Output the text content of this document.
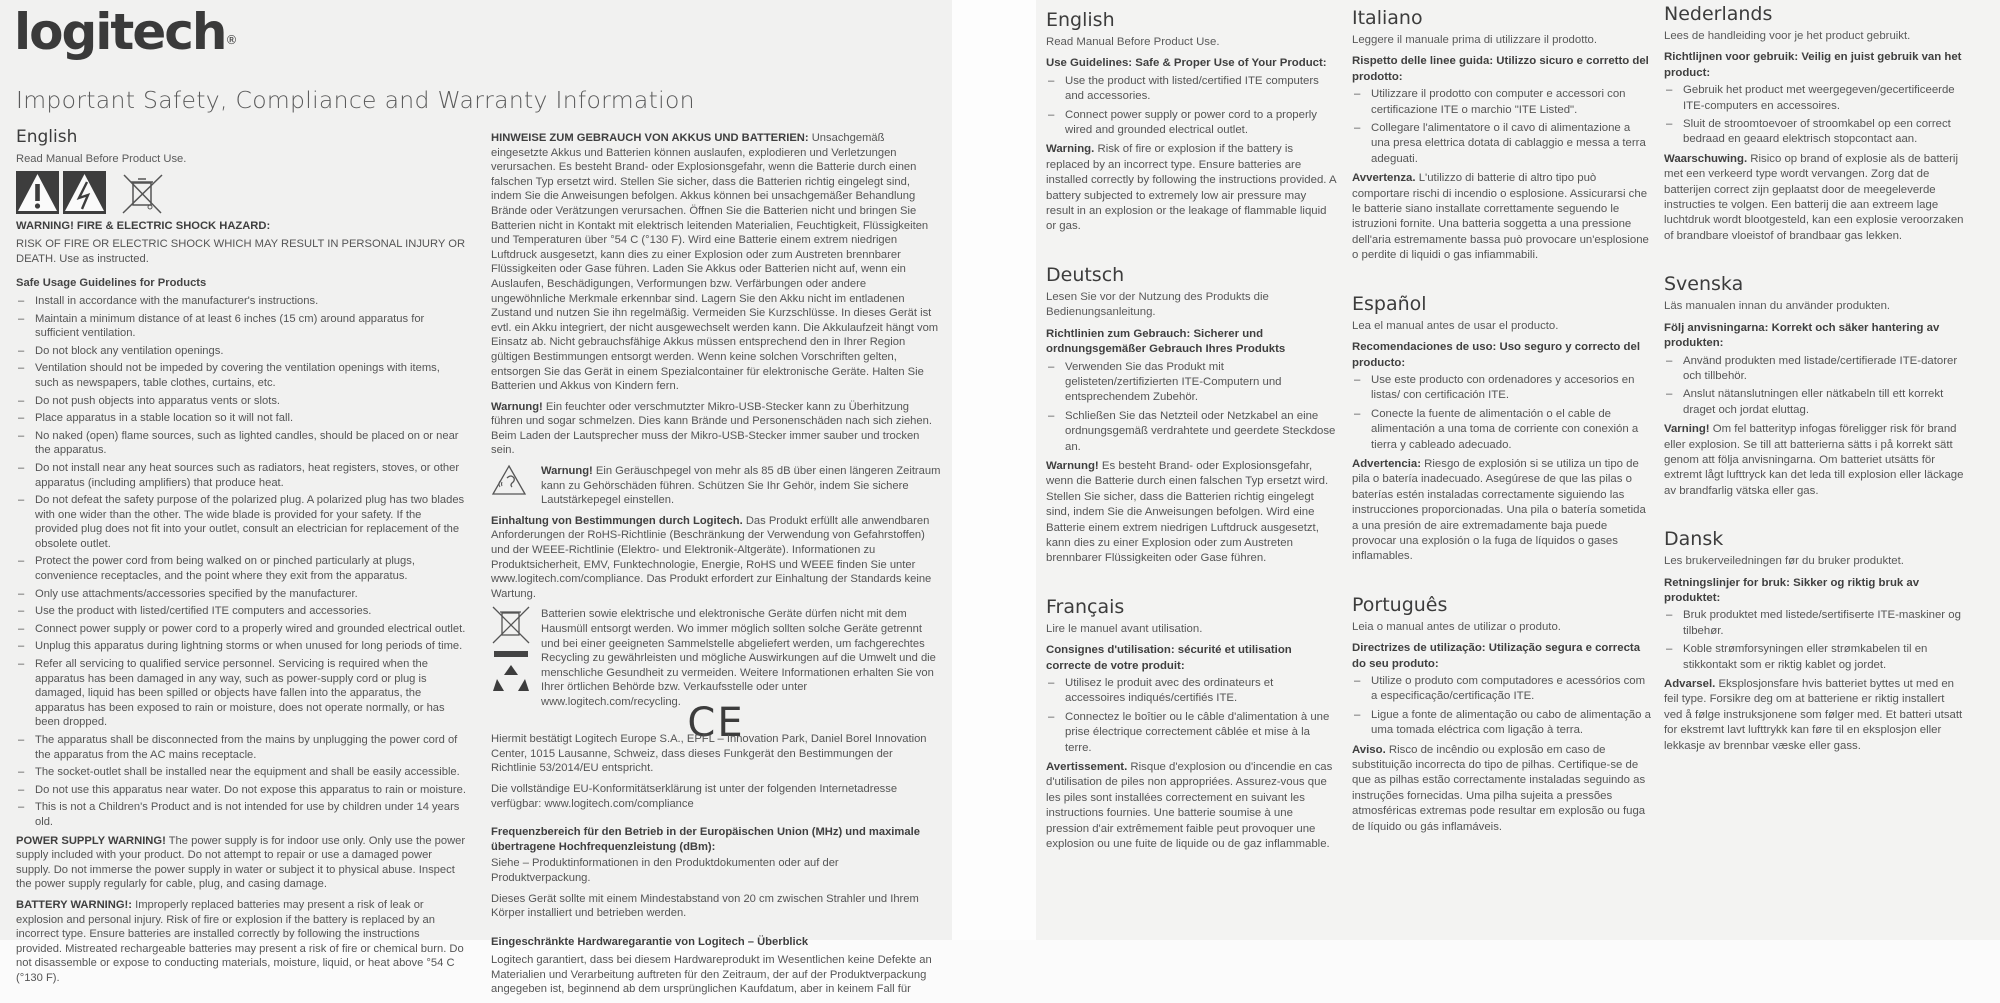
logitech®
Important Safety, Compliance and Warranty Information
English
Read Manual Before Product Use.
WARNING! FIRE & ELECTRIC SHOCK HAZARD:
RISK OF FIRE OR ELECTRIC SHOCK WHICH MAY RESULT IN PERSONAL INJURY OR DEATH. Use as instructed.
Safe Usage Guidelines for Products
– Install in accordance with the manufacturer's instructions.
– Maintain a minimum distance of at least 6 inches (15 cm) around apparatus for sufficient ventilation.
– Do not block any ventilation openings.
– Ventilation should not be impeded by covering the ventilation openings with items, such as newspapers, table clothes, curtains, etc.
– Do not push objects into apparatus vents or slots.
– Place apparatus in a stable location so it will not fall.
– No naked (open) flame sources, such as lighted candles, should be placed on or near the apparatus.
– Do not install near any heat sources such as radiators, heat registers, stoves, or other apparatus (including amplifiers) that produce heat.
– Do not defeat the safety purpose of the polarized plug. A polarized plug has two blades with one wider than the other. The wide blade is provided for your safety. If the provided plug does not fit into your outlet, consult an electrician for replacement of the obsolete outlet.
– Protect the power cord from being walked on or pinched particularly at plugs, convenience receptacles, and the point where they exit from the apparatus.
– Only use attachments/accessories specified by the manufacturer.
– Use the product with listed/certified ITE computers and accessories.
– Connect power supply or power cord to a properly wired and grounded electrical outlet.
– Unplug this apparatus during lightning storms or when unused for long periods of time.
– Refer all servicing to qualified service personnel. Servicing is required when the apparatus has been damaged in any way, such as power-supply cord or plug is damaged, liquid has been spilled or objects have fallen into the apparatus, the apparatus has been exposed to rain or moisture, does not operate normally, or has been dropped.
– The apparatus shall be disconnected from the mains by unplugging the power cord of the apparatus from the AC mains receptacle.
– The socket-outlet shall be installed near the equipment and shall be easily accessible.
– Do not use this apparatus near water. Do not expose this apparatus to rain or moisture.
– This is not a Children's Product and is not intended for use by children under 14 years old.
POWER SUPPLY WARNING! The power supply is for indoor use only. Only use the power supply included with your product. Do not attempt to repair or use a damaged power supply. Do not immerse the power supply in water or subject it to physical abuse. Inspect the power supply regularly for cable, plug, and casing damage.
BATTERY WARNING!: Improperly replaced batteries may present a risk of leak or explosion and personal injury. Risk of fire or explosion if the battery is replaced by an incorrect type. Ensure batteries are installed correctly by following the instructions provided. Mistreated rechargeable batteries may present a risk of fire or chemical burn. Do not disassemble or expose to conducting materials, moisture, liquid, or heat above °54 C (°130 F).
HINWEISE ZUM GEBRAUCH VON AKKUS UND BATTERIEN: Unsachgemäß eingesetzte Akkus und Batterien können auslaufen, explodieren und Verletzungen verursachen. Es besteht Brand- oder Explosionsgefahr, wenn die Batterie durch einen falschen Typ ersetzt wird. Stellen Sie sicher, dass die Batterien richtig eingelegt sind, indem Sie die Anweisungen befolgen. Akkus können bei unsachgemäßer Behandlung Brände oder Verätzungen verursachen. Öffnen Sie die Batterien nicht und bringen Sie Batterien nicht in Kontakt mit elektrisch leitenden Materialien, Feuchtigkeit, Flüssigkeiten und Temperaturen über °54 C (°130 F). Wird eine Batterie einem extrem niedrigen Luftdruck ausgesetzt, kann dies zu einer Explosion oder zum Austreten brennbarer Flüssigkeiten oder Gase führen. Laden Sie Akkus oder Batterien nicht auf, wenn ein Auslaufen, Beschädigungen, Verformungen bzw. Verfärbungen oder andere ungewöhnliche Merkmale erkennbar sind. Lagern Sie den Akku nicht im entladenen Zustand und nutzen Sie ihn regelmäßig. Vermeiden Sie Kurzschlüsse. In dieses Gerät ist evtl. ein Akku integriert, der nicht ausgewechselt werden kann. Die Akkulaufzeit hängt vom Einsatz ab. Nicht gebrauchsfähige Akkus müssen entsprechend den in Ihrer Region gültigen Bestimmungen entsorgt werden. Wenn keine solchen Vorschriften gelten, entsorgen Sie das Gerät in einem Spezialcontainer für elektronische Geräte. Halten Sie Batterien und Akkus von Kindern fern.
Warnung! Ein feuchter oder verschmutzter Mikro-USB-Stecker kann zu Überhitzung führen und sogar schmelzen. Dies kann Brände und Personenschäden nach sich ziehen. Beim Laden der Lautsprecher muss der Mikro-USB-Stecker immer sauber und trocken sein.
Warnung! Ein Geräuschpegel von mehr als 85 dB über einen längeren Zeitraum kann zu Gehörschäden führen. Schützen Sie Ihr Gehör, indem Sie sichere Lautstärkepegel einstellen.
Einhaltung von Bestimmungen durch Logitech. Das Produkt erfüllt alle anwendbaren Anforderungen der RoHS-Richtlinie (Beschränkung der Verwendung von Gefahrstoffen) und der WEEE-Richtlinie (Elektro- und Elektronik-Altgeräte). Informationen zu Produktsicherheit, EMV, Funktechnologie, Energie, RoHS und WEEE finden Sie unter www.logitech.com/compliance. Das Produkt erfordert zur Einhaltung der Standards keine Wartung.
Batterien sowie elektrische und elektronische Geräte dürfen nicht mit dem Hausmüll entsorgt werden. Wo immer möglich sollten solche Geräte getrennt und bei einer geeigneten Sammelstelle abgeliefert werden, um fachgerechtes Recycling zu gewährleisten und mögliche Auswirkungen auf die Umwelt und die menschliche Gesundheit zu vermeiden. Weitere Informationen erhalten Sie von Ihrer örtlichen Behörde bzw. Verkaufsstelle oder unter www.logitech.com/recycling. CE
Hiermit bestätigt Logitech Europe S.A., EPFL – Innovation Park, Daniel Borel Innovation Center, 1015 Lausanne, Schweiz, dass dieses Funkgerät den Bestimmungen der Richtlinie 53/2014/EU entspricht.
Die vollständige EU-Konformitätserklärung ist unter der folgenden Internetadresse verfügbar: www.logitech.com/compliance
Frequenzbereich für den Betrieb in der Europäischen Union (MHz) und maximale übertragene Hochfrequenzleistung (dBm):
Siehe – Produktinformationen in den Produktdokumenten oder auf der Produktverpackung.
Dieses Gerät sollte mit einem Mindestabstand von 20 cm zwischen Strahler und Ihrem Körper installiert und betrieben werden.
Eingeschränkte Hardwaregarantie von Logitech – Überblick
Logitech garantiert, dass bei diesem Hardwareprodukt im Wesentlichen keine Defekte an Materialien und Verarbeitung auftreten für den Zeitraum, der auf der Produktverpackung angegeben ist, beginnend ab dem ursprünglichen Kaufdatum, aber in keinem Fall für
English
Read Manual Before Product Use.
Use Guidelines: Safe & Proper Use of Your Product:
– Use the product with listed/certified ITE computers and accessories.
– Connect power supply or power cord to a properly wired and grounded electrical outlet.
Warning. Risk of fire or explosion if the battery is replaced by an incorrect type. Ensure batteries are installed correctly by following the instructions provided. A battery subjected to extremely low air pressure may result in an explosion or the leakage of flammable liquid or gas.
Deutsch
Lesen Sie vor der Nutzung des Produkts die Bedienungsanleitung.
Richtlinien zum Gebrauch: Sicherer und ordnungsgemäßer Gebrauch Ihres Produkts
– Verwenden Sie das Produkt mit gelisteten/zertifizierten ITE-Computern und entsprechendem Zubehör.
– Schließen Sie das Netzteil oder Netzkabel an eine ordnungsgemäß verdrahtete und geerdete Steckdose an.
Warnung! Es besteht Brand- oder Explosionsgefahr, wenn die Batterie durch einen falschen Typ ersetzt wird. Stellen Sie sicher, dass die Batterien richtig eingelegt sind, indem Sie die Anweisungen befolgen. Wird eine Batterie einem extrem niedrigen Luftdruck ausgesetzt, kann dies zu einer Explosion oder zum Austreten brennbarer Flüssigkeiten oder Gase führen.
Français
Lire le manuel avant utilisation.
Consignes d'utilisation: sécurité et utilisation correcte de votre produit:
– Utilisez le produit avec des ordinateurs et accessoires indiqués/certifiés ITE.
– Connectez le boîtier ou le câble d'alimentation à une prise électrique correctement câblée et mise à la terre.
Avertissement. Risque d'explosion ou d'incendie en cas d'utilisation de piles non appropriées. Assurez-vous que les piles sont installées correctement en suivant les instructions fournies. Une batterie soumise à une pression d'air extrêmement faible peut provoquer une explosion ou une fuite de liquide ou de gaz inflammable.
Italiano
Leggere il manuale prima di utilizzare il prodotto.
Rispetto delle linee guida: Utilizzo sicuro e corretto del prodotto:
– Utilizzare il prodotto con computer e accessori con certificazione ITE o marchio "ITE Listed".
– Collegare l'alimentatore o il cavo di alimentazione a una presa elettrica dotata di cablaggio e messa a terra adeguati.
Avvertenza. L'utilizzo di batterie di altro tipo può comportare rischi di incendio o esplosione. Assicurarsi che le batterie siano installate correttamente seguendo le istruzioni fornite. Una batteria soggetta a una pressione dell'aria estremamente bassa può provocare un'esplosione o perdite di liquidi o gas infiammabili.
Español
Lea el manual antes de usar el producto.
Recomendaciones de uso: Uso seguro y correcto del producto:
– Use este producto con ordenadores y accesorios en listas/ con certificación ITE.
– Conecte la fuente de alimentación o el cable de alimentación a una toma de corriente con conexión a tierra y cableado adecuado.
Advertencia: Riesgo de explosión si se utiliza un tipo de pila o batería inadecuado. Asegúrese de que las pilas o baterías estén instaladas correctamente siguiendo las instrucciones proporcionadas. Una pila o batería sometida a una presión de aire extremadamente baja puede provocar una explosión o la fuga de líquidos o gases inflamables.
Português
Leia o manual antes de utilizar o produto.
Directrizes de utilização: Utilização segura e correcta do seu produto:
– Utilize o produto com computadores e acessórios com a especificação/certificação ITE.
– Ligue a fonte de alimentação ou cabo de alimentação a uma tomada eléctrica com ligação à terra.
Aviso. Risco de incêndio ou explosão em caso de substituição incorrecta do tipo de pilhas. Certifique-se de que as pilhas estão correctamente instaladas seguindo as instruções fornecidas. Uma pilha sujeita a pressões atmosféricas extremas pode resultar em explosão ou fuga de líquido ou gás inflamáveis.
Nederlands
Lees de handleiding voor je het product gebruikt.
Richtlijnen voor gebruik: Veilig en juist gebruik van het product:
– Gebruik het product met weergegeven/gecertificeerde ITE-computers en accessoires.
– Sluit de stroomtoevoer of stroomkabel op een correct bedraad en geaard elektrisch stopcontact aan.
Waarschuwing. Risico op brand of explosie als de batterij met een verkeerd type wordt vervangen. Zorg dat de batterijen correct zijn geplaatst door de meegeleverde instructies te volgen. Een batterij die aan extreem lage luchtdruk wordt blootgesteld, kan een explosie veroorzaken of brandbare vloeistof of brandbaar gas lekken.
Svenska
Läs manualen innan du använder produkten.
Följ anvisningarna: Korrekt och säker hantering av produkten:
– Använd produkten med listade/certifierade ITE-datorer och tillbehör.
– Anslut nätanslutningen eller nätkabeln till ett korrekt draget och jordat eluttag.
Varning! Om fel batterityp infogas föreligger risk för brand eller explosion. Se till att batterierna sätts i på korrekt sätt genom att följa anvisningarna. Om batteriet utsätts för extremt lågt lufttryck kan det leda till explosion eller läckage av brandfarlig vätska eller gas.
Dansk
Les brukerveiledningen før du bruker produktet.
Retningslinjer for bruk: Sikker og riktig bruk av produktet:
– Bruk produktet med listede/sertifiserte ITE-maskiner og tilbehør.
– Koble strømforsyningen eller strømkabelen til en stikkontakt som er riktig kablet og jordet.
Advarsel. Eksplosjonsfare hvis batteriet byttes ut med en feil type. Forsikre deg om at batteriene er riktig installert ved å følge instruksjonene som følger med. Et batteri utsatt for ekstremt lavt lufttrykk kan føre til en eksplosjon eller lekkasje av brennbar væske eller gass.
